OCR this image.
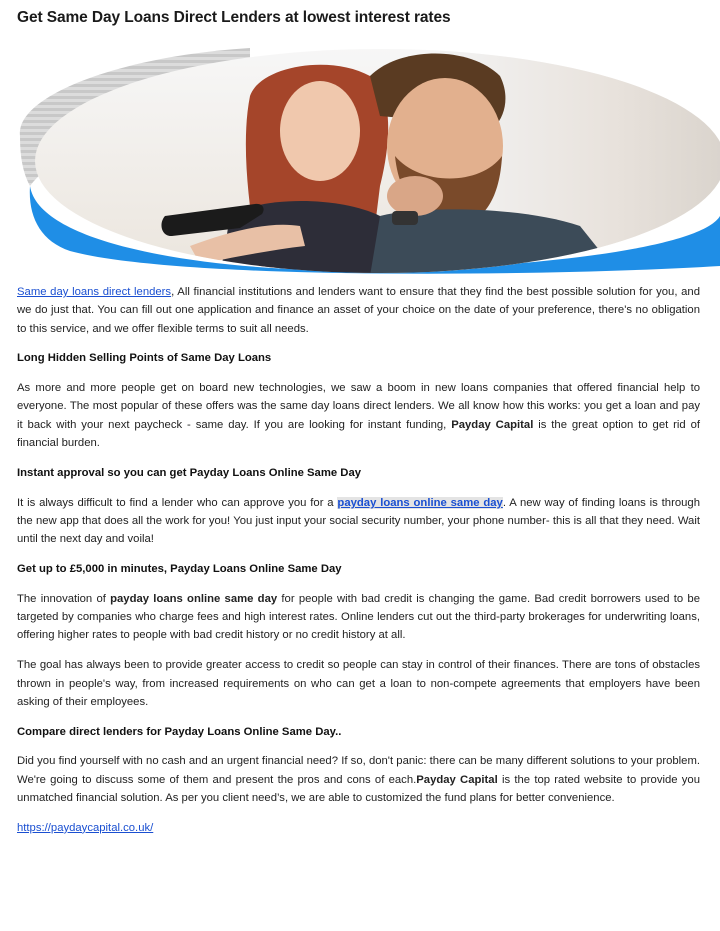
Get Same Day Loans Direct Lenders at lowest interest rates

Same day loans direct lenders, All financial institutions and lenders want to ensure that they find the best possible solution for you, and we do just that. You can fill out one application and finance an asset of your choice on the date of your preference, there's no obligation to this service, and we offer flexible terms to suit all needs.

Long Hidden Selling Points of Same Day Loans

As more and more people get on board new technologies, we saw a boom in new loans companies that offered financial help to everyone. The most popular of these offers was the same day loans direct lenders. We all know how this works: you get a loan and pay it back with your next paycheck - same day. If you are looking for instant funding, Payday Capital is the great option to get rid of financial burden.

Instant approval so you can get Payday Loans Online Same Day

It is always difficult to find a lender who can approve you for a payday loans online same day. A new way of finding loans is through the new app that does all the work for you! You just input your social security number, your phone number- this is all that they need. Wait until the next day and voila!

Get up to £5,000 in minutes, Payday Loans Online Same Day

The innovation of payday loans online same day for people with bad credit is changing the game. Bad credit borrowers used to be targeted by companies who charge fees and high interest rates. Online lenders cut out the third-party brokerages for underwriting loans, offering higher rates to people with bad credit history or no credit history at all.

The goal has always been to provide greater access to credit so people can stay in control of their finances. There are tons of obstacles thrown in people's way, from increased requirements on who can get a loan to non-compete agreements that employers have been asking of their employees.

Compare direct lenders for Payday Loans Online Same Day..

Did you find yourself with no cash and an urgent financial need? If so, don't panic: there can be many different solutions to your problem. We're going to discuss some of them and present the pros and cons of each.Payday Capital is the top rated website to provide you unmatched financial solution. As per you client need’s, we are able to customized the fund plans for better convenience.

https://paydaycapital.co.uk/
